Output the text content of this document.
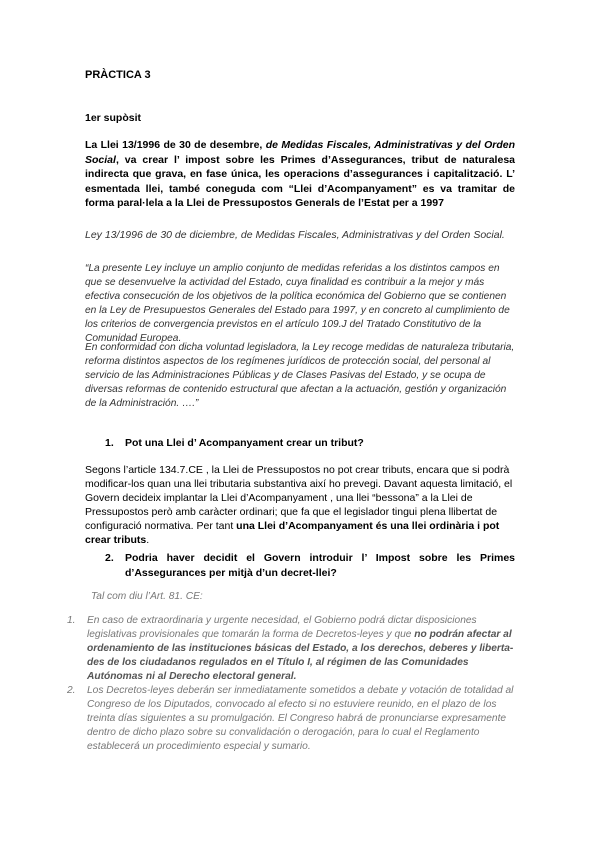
PRÀCTICA 3

1er supòsit

La Llei 13/1996 de 30 de desembre, de Medidas Fiscales, Administrativas y del Orden Social, va crear l’ impost sobre les Primes d’Assegurances, tribut de naturalesa indirecta que grava, en fase única, les operacions d’assegurances i capitalització. L’ esmentada llei, també coneguda com “Llei d’Acompanyament” es va tramitar de forma paral·lela a la Llei de Pressupostos Generals de l’Estat per a 1997

Ley 13/1996 de 30 de diciembre, de Medidas Fiscales, Administrativas y del Orden Social.

“La presente Ley incluye un amplio conjunto de medidas referidas a los distintos campos en que se desenvuelve la actividad del Estado, cuya finalidad es contribuir a la mejor y más efectiva consecución de los objetivos de la política económica del Gobierno que se contienen en la Ley de Presupuestos Generales del Estado para 1997, y en concreto al cumplimiento de los criterios de convergencia previstos en el artículo 109.J del Tratado Constitutivo de la Comunidad Europea.

En conformidad con dicha voluntad legisladora, la Ley recoge medidas de naturaleza tributaria, reforma distintos aspectos de los regímenes jurídicos de protección social, del personal al servicio de las Administraciones Públicas y de Clases Pasivas del Estado, y se ocupa de diversas reformas de contenido estructural que afectan a la actuación, gestión y organización de la Administración. ….”

1. Pot una Llei d’ Acompanyament crear un tribut?

Segons l’article 134.7.CE , la Llei de Pressupostos no pot crear tributs, encara que si podrà modificar-los quan una llei tributaria substantiva així ho prevegi. Davant aquesta limitació, el Govern decideix implantar la Llei d’Acompanyament , una llei “bessona” a la Llei de Pressupostos però amb caràcter ordinari; que fa que el legislador tingui plena llibertat de configuració normativa. Per tant una Llei d’Acompanyament és una llei ordinària i pot crear tributs.

2.	Podria haver decidit el Govern introduir l’ Impost sobre les Primes d’Assegurances per mitjà d’un decret-llei?

Tal com diu l’Art. 81. CE:

1. En caso de extraordinaria y urgente necesidad, el Gobierno podrá dictar disposiciones legislativas provisionales que tomarán la forma de Decretos-leyes y que no podrán afectar al ordenamiento de las instituciones básicas del Estado, a los derechos, deberes y liberta- des de los ciudadanos regulados en el Título I, al régimen de las Comunidades Autónomas ni al Derecho electoral general.
2. Los Decretos-leyes deberán ser inmediatamente sometidos a debate y votación de totalidad al Congreso de los Diputados, convocado al efecto si no estuviere reunido, en el plazo de los treinta días siguientes a su promulgación. El Congreso habrá de pronunciarse expresamente dentro de dicho plazo sobre su convalidación o derogación, para lo cual el Reglamento establecerá un procedimiento especial y sumario.
